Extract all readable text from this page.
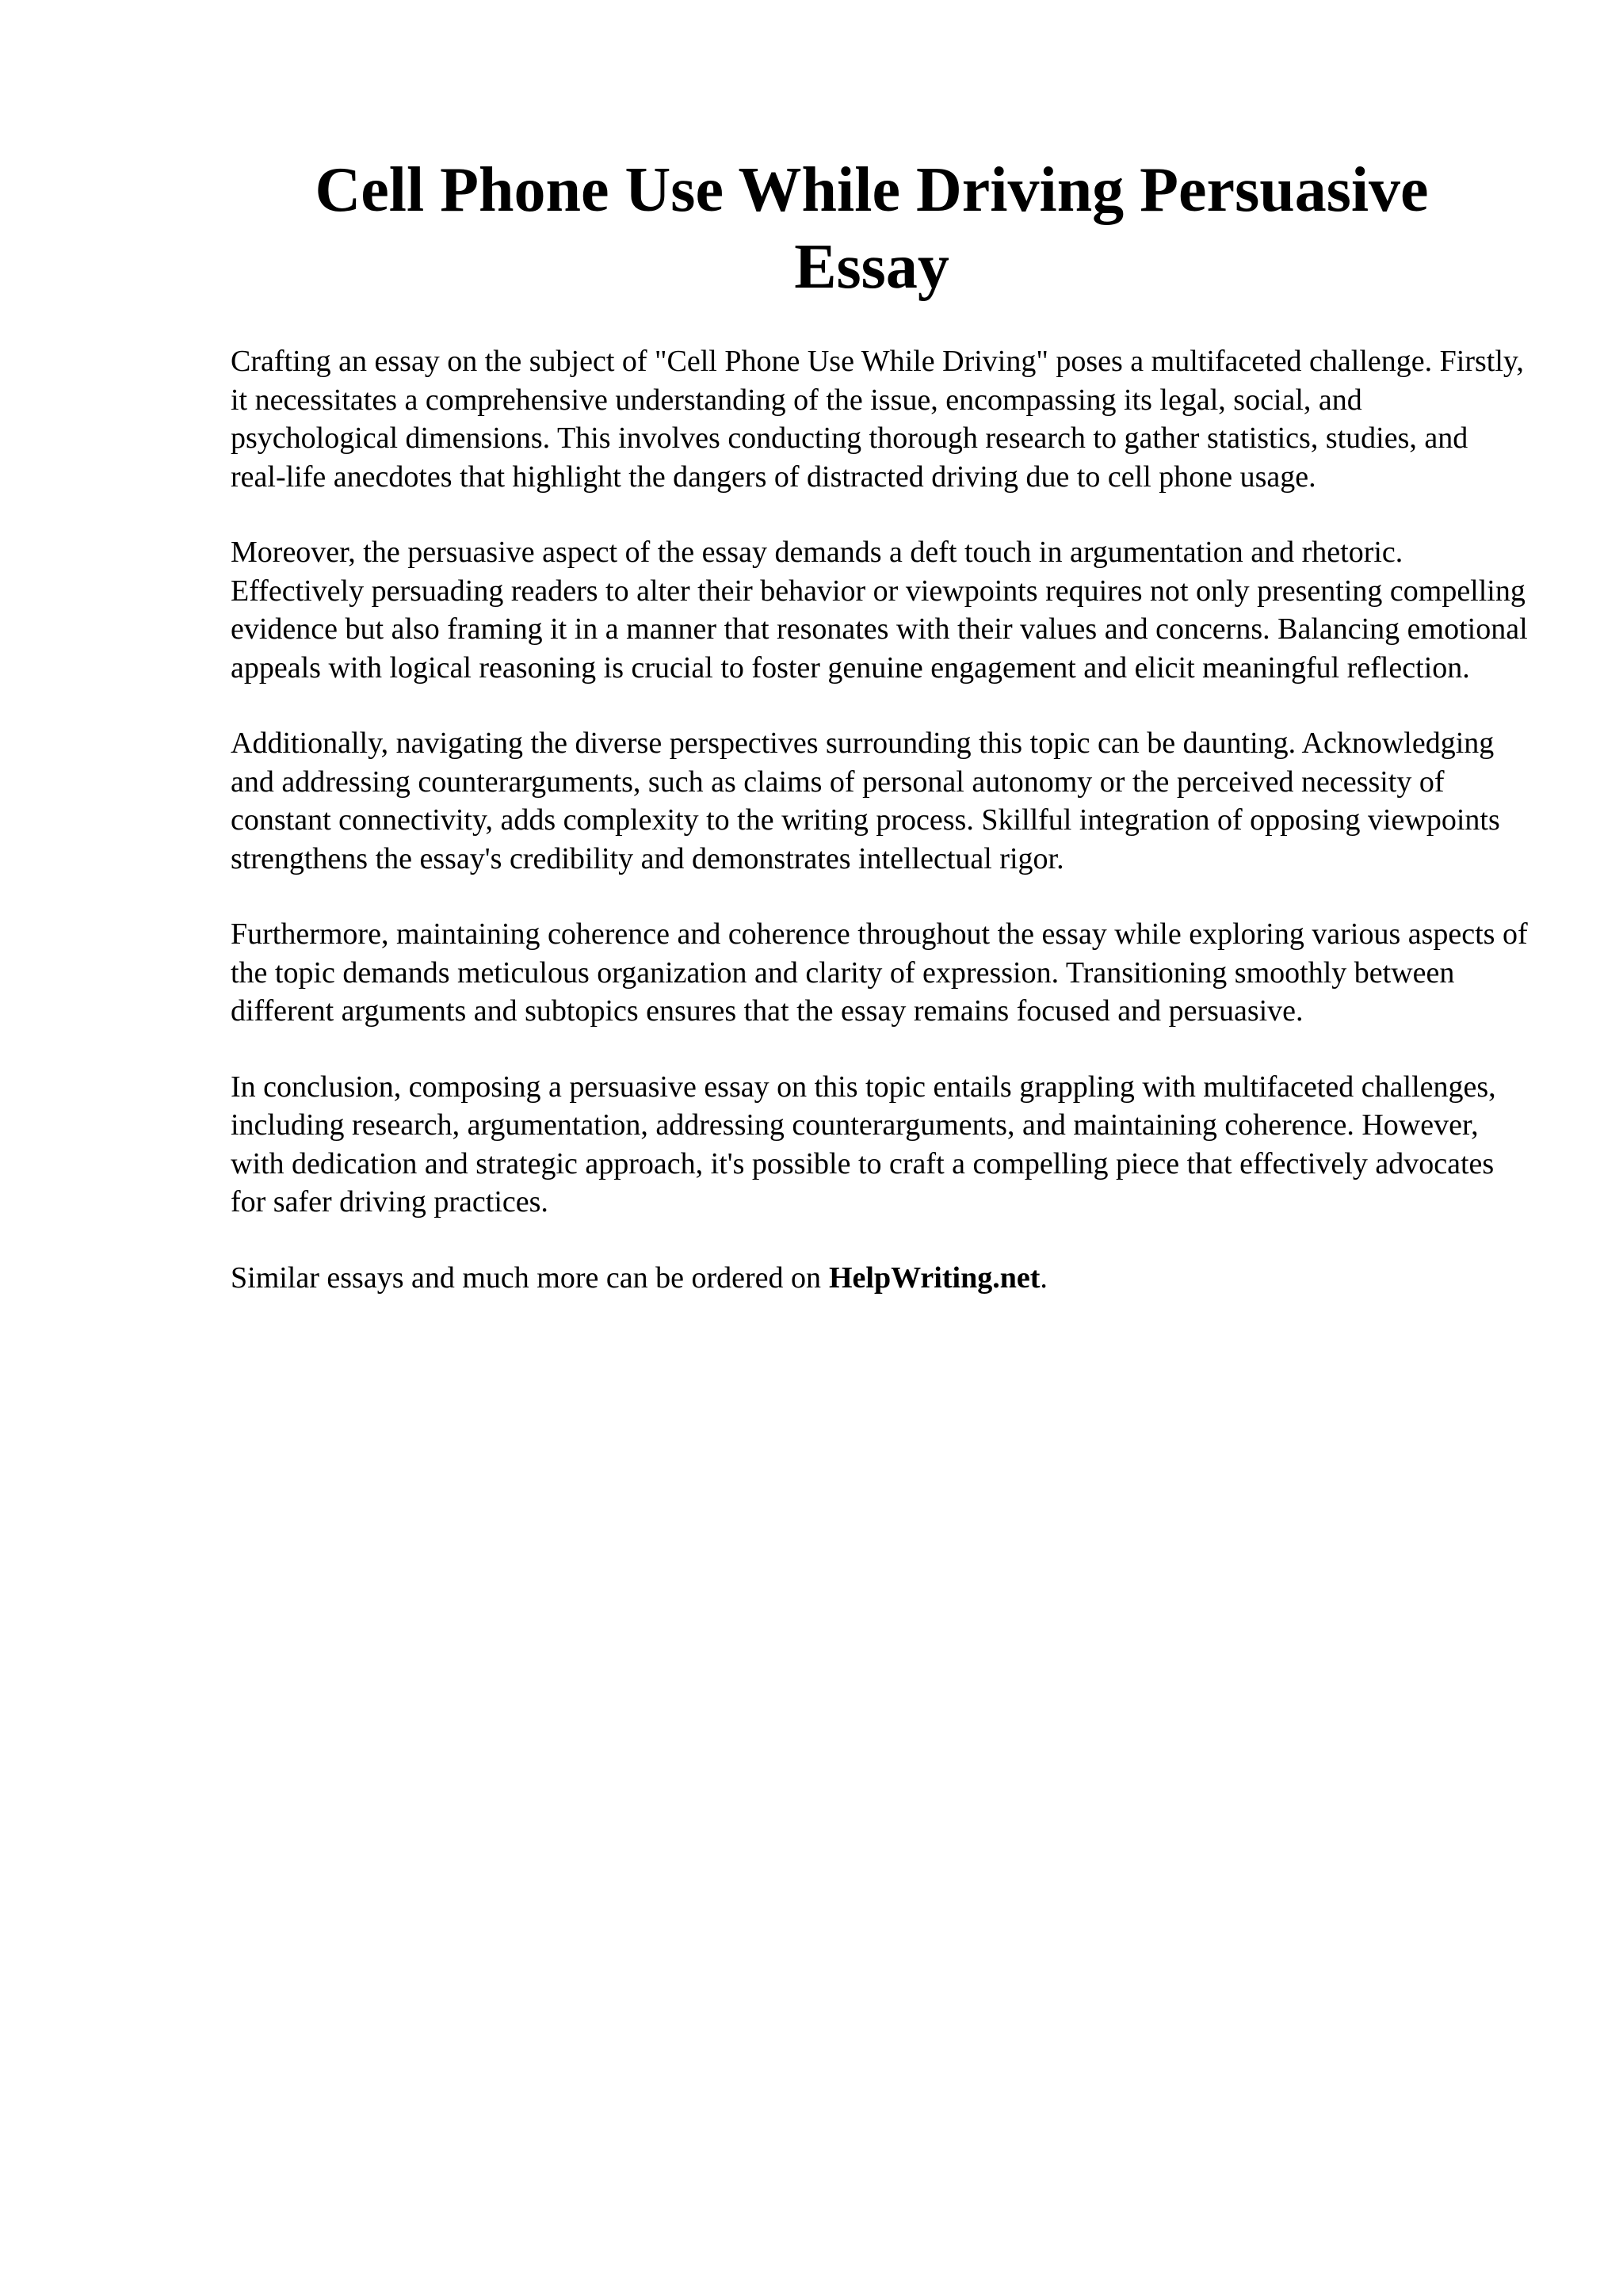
Cell Phone Use While Driving Persuasive Essay

Crafting an essay on the subject of "Cell Phone Use While Driving" poses a multifaceted challenge. Firstly, it necessitates a comprehensive understanding of the issue, encompassing its legal, social, and psychological dimensions. This involves conducting thorough research to gather statistics, studies, and real-life anecdotes that highlight the dangers of distracted driving due to cell phone usage.

Moreover, the persuasive aspect of the essay demands a deft touch in argumentation and rhetoric. Effectively persuading readers to alter their behavior or viewpoints requires not only presenting compelling evidence but also framing it in a manner that resonates with their values and concerns. Balancing emotional appeals with logical reasoning is crucial to foster genuine engagement and elicit meaningful reflection.

Additionally, navigating the diverse perspectives surrounding this topic can be daunting. Acknowledging and addressing counterarguments, such as claims of personal autonomy or the perceived necessity of constant connectivity, adds complexity to the writing process. Skillful integration of opposing viewpoints strengthens the essay's credibility and demonstrates intellectual rigor.

Furthermore, maintaining coherence and coherence throughout the essay while exploring various aspects of the topic demands meticulous organization and clarity of expression. Transitioning smoothly between different arguments and subtopics ensures that the essay remains focused and persuasive.

In conclusion, composing a persuasive essay on this topic entails grappling with multifaceted challenges, including research, argumentation, addressing counterarguments, and maintaining coherence. However, with dedication and strategic approach, it's possible to craft a compelling piece that effectively advocates for safer driving practices.

Similar essays and much more can be ordered on HelpWriting.net.
